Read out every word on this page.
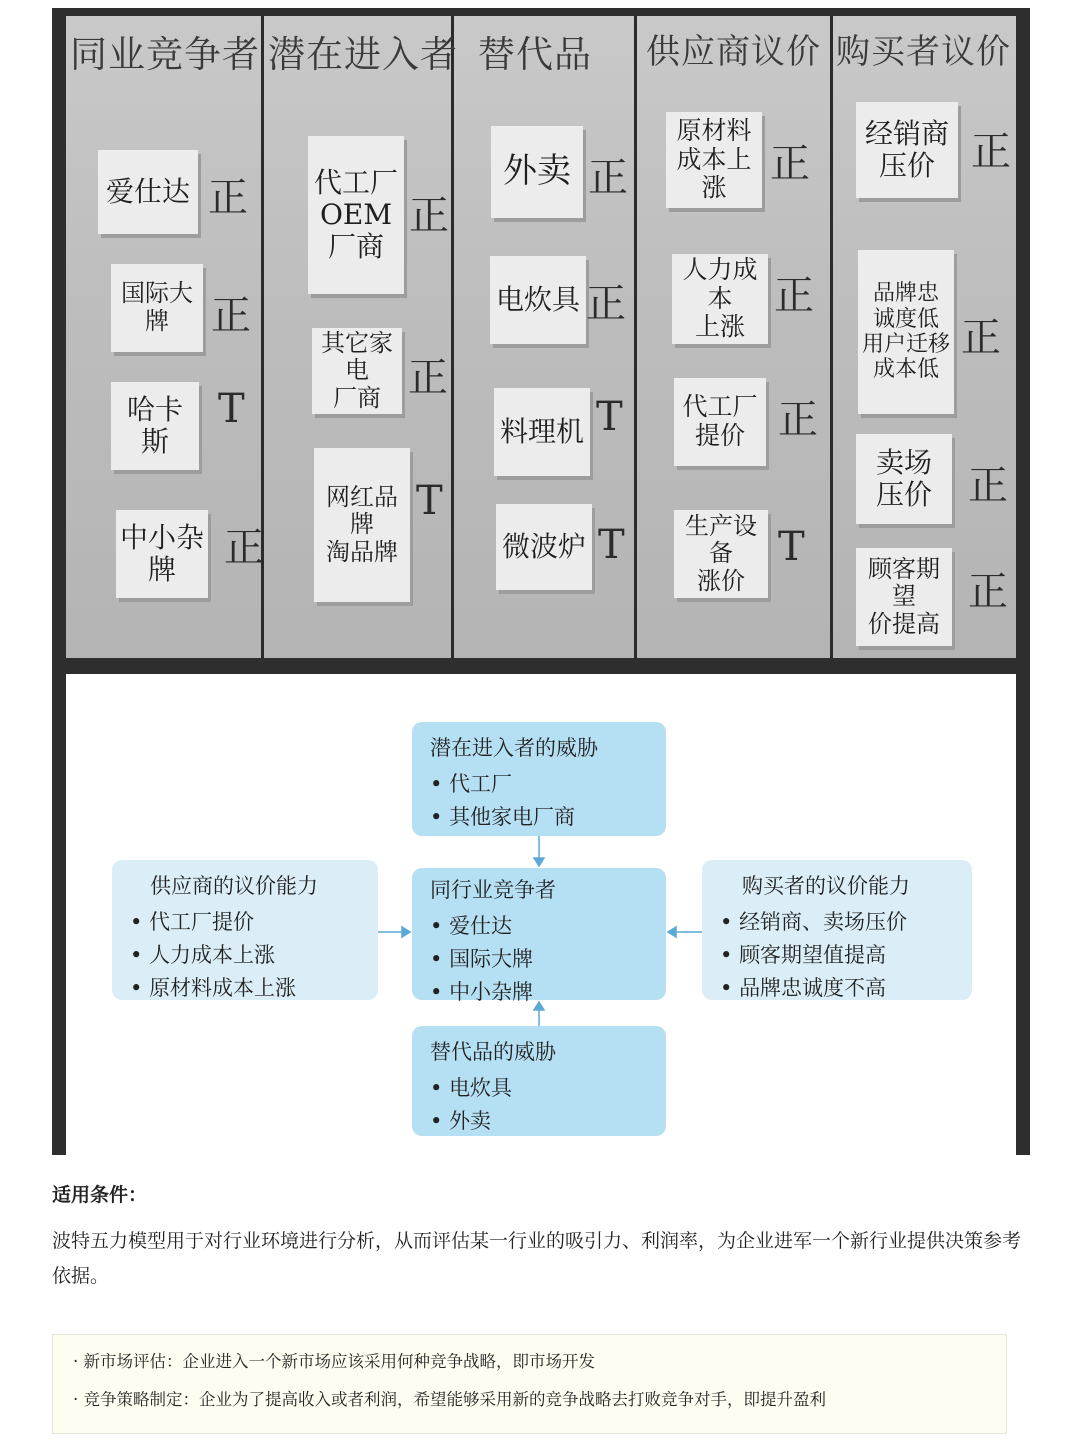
同业竞争者 潜在进入者 替代品 供应商议价 购买者议价
爱仕达 正
国际大牌	正
哈卡斯
T
中小杂牌	正
代工厂
OEM
厂商
正
其它家电
厂商 正
网红品牌
淘品牌
T
外卖 正
电炊具 正
料理机 T
微波炉 T
原材料
成本上涨
正
人力成本
上涨
正
代工厂
提价 正
生产设备
涨价
T
经销商
压价 正
品牌忠
诚度低
用户迁移
成本低
正
卖场
压价 正
顾客期望
价提高
正
潜在进入者的威胁
• 代工厂
• 其他家电厂商
供应商的议价能力
• 代工厂提价
• 人力成本上涨
• 原材料成本上涨
同行业竞争者
• 爱仕达
• 国际大牌
• 中小杂牌
购买者的议价能力
• 经销商、卖场压价
• 顾客期望值提高
• 品牌忠诚度不高
替代品的威胁
• 电炊具
• 外卖
适用条件：
波特五力模型用于对行业环境进行分析，从而评估某一行业的吸引力、利润率，为企业进军一个新行业提供决策参考依据。
· 新市场评估：企业进入一个新市场应该采用何种竞争战略，即市场开发
· 竞争策略制定：企业为了提高收入或者利润，希望能够采用新的竞争战略去打败竞争对手，即提升盈利
